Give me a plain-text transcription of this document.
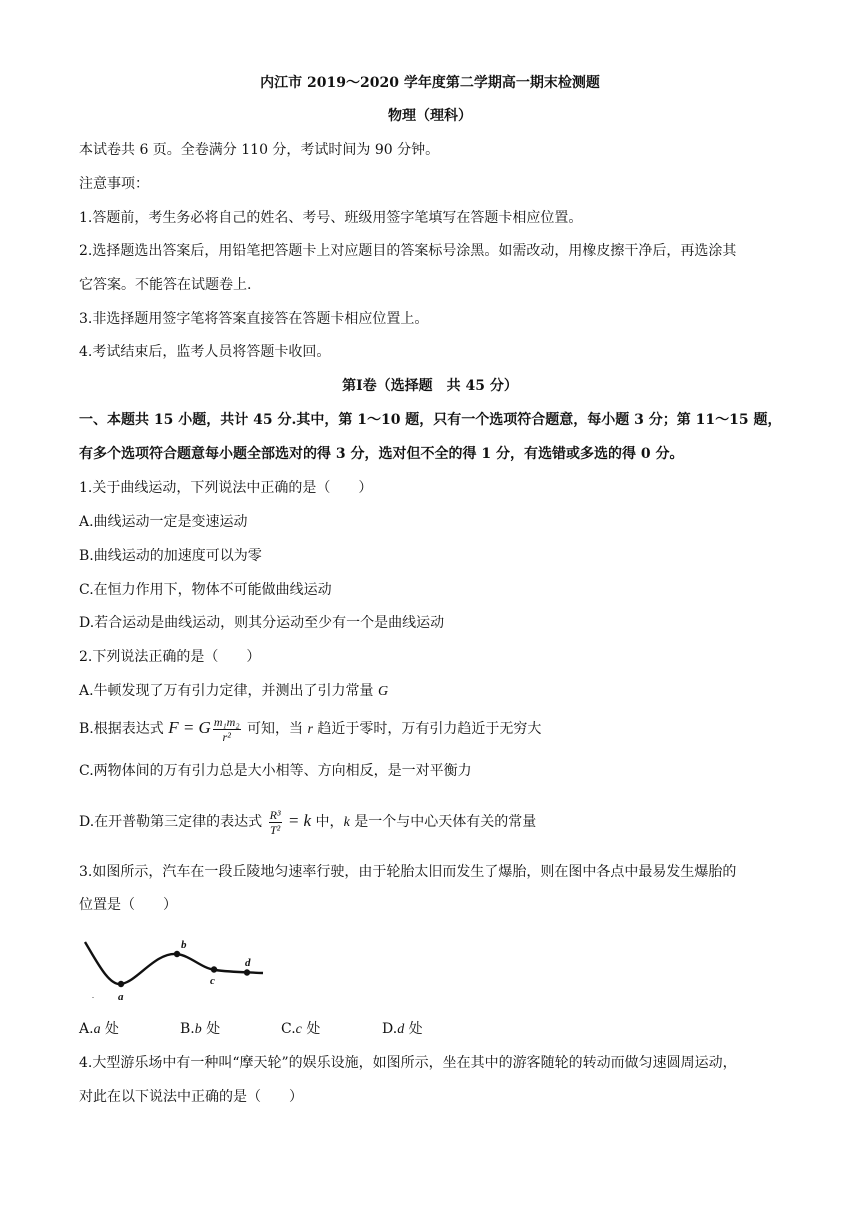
内江市 2019～2020 学年度第二学期高一期末检测题
物理（理科）
本试卷共 6 页。全卷满分 110 分，考试时间为 90 分钟。
注意事项：
1.答题前，考生务必将自己的姓名、考号、班级用签字笔填写在答题卡相应位置。
2.选择题选出答案后，用铅笔把答题卡上对应题目的答案标号涂黑。如需改动，用橡皮擦干净后，再选涂其
它答案。不能答在试题卷上.
3.非选择题用签字笔将答案直接答在答题卡相应位置上。
4.考试结束后，监考人员将答题卡收回。
第Ⅰ卷（选择题　共 45 分）
一、本题共 15 小题，共计 45 分.其中，第 1～10 题，只有一个选项符合题意，每小题 3 分；第 11～15 题，
有多个选项符合题意每小题全部选对的得 3 分，选对但不全的得 1 分，有选错或多选的得 0 分。
1.关于曲线运动，下列说法中正确的是（　　）
A.曲线运动一定是变速运动
B.曲线运动的加速度可以为零
C.在恒力作用下，物体不可能做曲线运动
D.若合运动是曲线运动，则其分运动至少有一个是曲线运动
2.下列说法正确的是（　　）
A.牛顿发现了万有引力定律，并测出了引力常量 G
B.根据表达式 F = G $\frac{\text{m₁m₂}}{\text{r²}}$ 可知，当 r 趋近于零时，万有引力趋近于无穷大
C.两物体间的万有引力总是大小相等、方向相反，是一对平衡力
D.在开普勒第三定律的表达式 $\frac{\text{R³}}{\text{T²}} = k$ 中，k 是一个与中心天体有关的常量
3.如图所示，汽车在一段丘陵地匀速率行驶，由于轮胎太旧而发生了爆胎，则在图中各点中最易发生爆胎的
位置是（　　）
a
b
c
d
.
A.a 处	B.b 处	C.c 处	D.d 处
4.大型游乐场中有一种叫“摩天轮”的娱乐设施，如图所示，坐在其中的游客随轮的转动而做匀速圆周运动，
对此在以下说法中正确的是（　　）
